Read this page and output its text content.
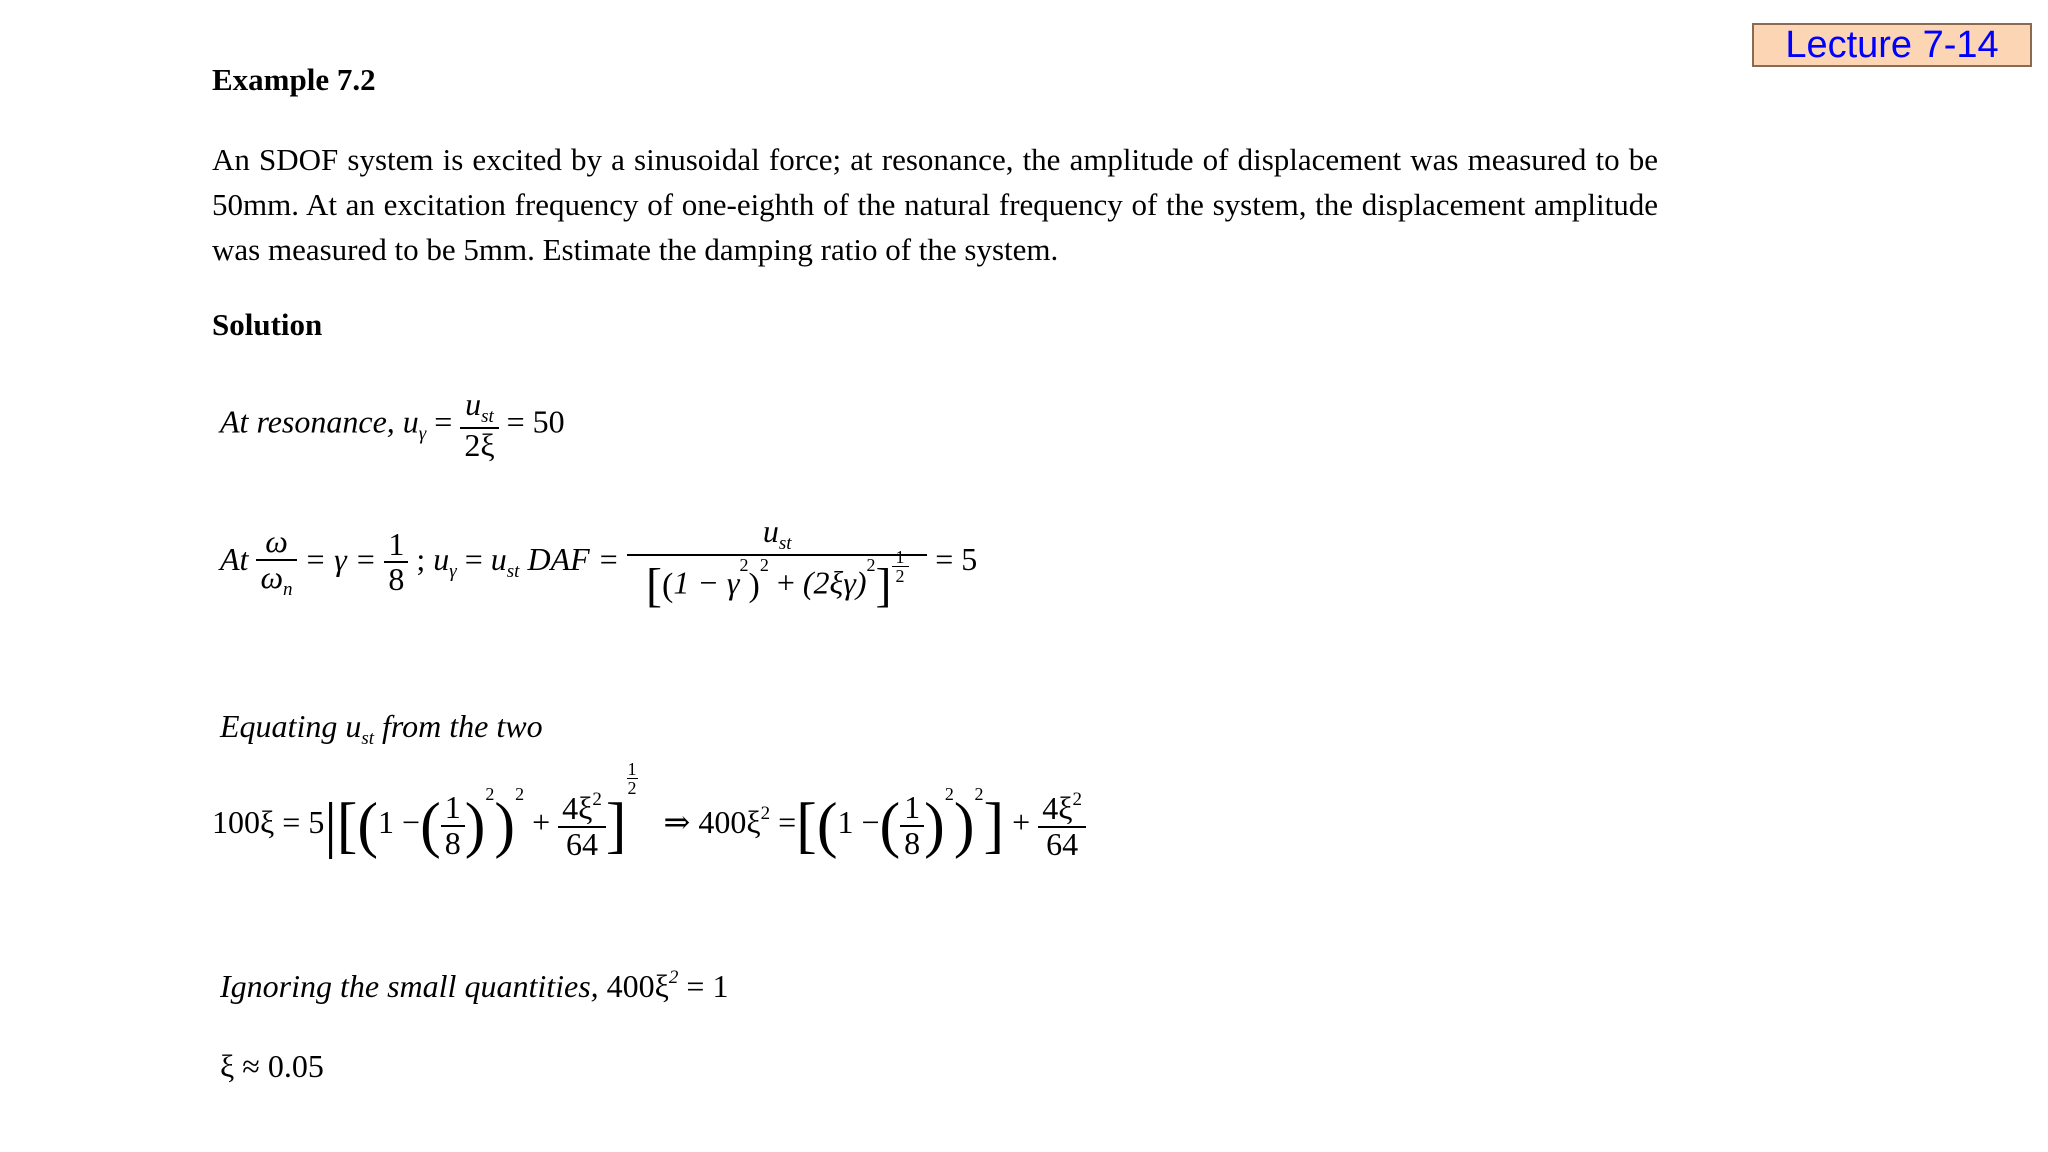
Lecture 7-14
Example 7.2
An SDOF system is excited by a sinusoidal force; at resonance, the amplitude of displacement was measured to be 50mm. At an excitation frequency of one-eighth of the natural frequency of the system, the displacement amplitude was measured to be 5mm. Estimate the damping ratio of the system.
Solution
At resonance, $u_\gamma = \frac{u_{st}}{2\xi} = 50$
At $\frac{\omega}{\omega_n} = \gamma = \frac{1}{8}$ ; $u_\gamma = u_{st}$ DAF = $\frac{u_{st}}{[(1 - \gamma^2)^2 + (2\xi\gamma)^2] \frac{1}{2}} = 5$
Equating $u_{st}$ from the two
100ξ = 5|[(1 −( $\frac{1}{8} )^2)^2 + \frac{4\xi^2}{64}$ ]
$\frac{1}{2}$
⇒ $400\xi^2 =[(1$ −( $\frac{1}{8} )^2)^2] + \frac{4\xi^2}{64}$
Ignoring the small quantities, $400\xi^2 = 1$
ξ ≈ 0.05
